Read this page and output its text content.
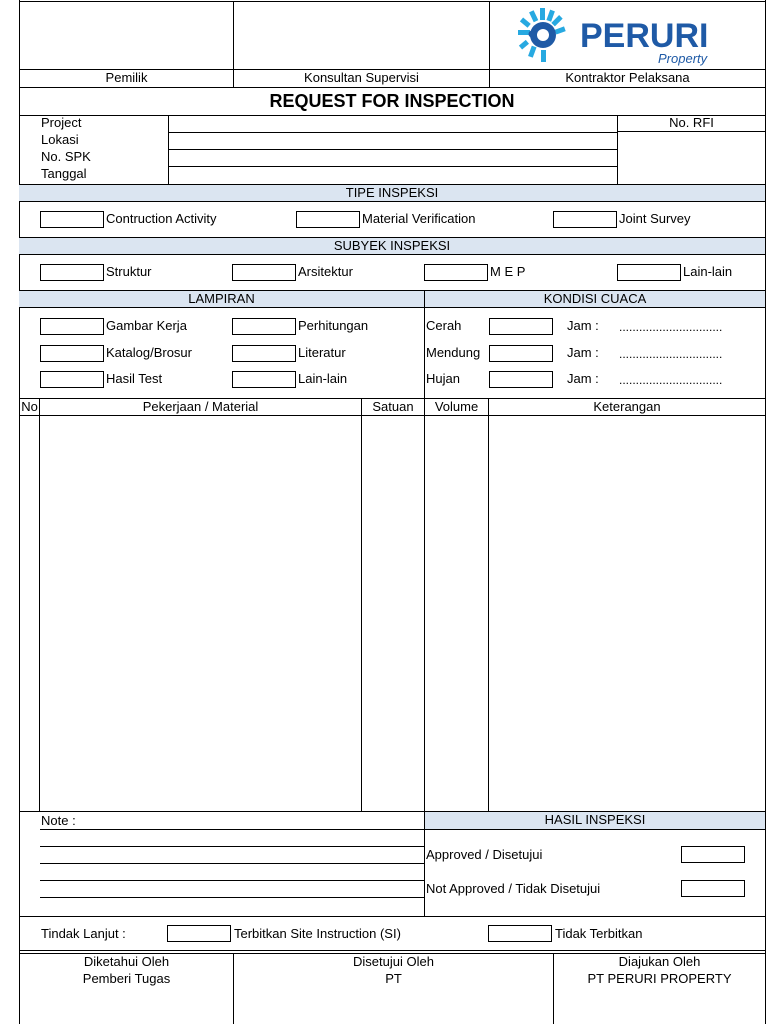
Pemilik	Konsultan Supervisi	Kontraktor Pelaksana
PERURI
Property
REQUEST FOR INSPECTION
Project
Lokasi
No. SPK
Tanggal
No. RFI
TIPE INSPEKSI
Contruction Activity	Material Verification	Joint Survey
SUBYEK INSPEKSI
Struktur	Arsitektur	M E P	Lain-lain
LAMPIRAN	KONDISI CUACA
Gambar Kerja
Katalog/Brosur
Hasil Test
Perhitungan
Literatur
Lain-lain
Cerah	Jam : ...............................
Mendung	Jam : ...............................
Hujan	Jam : ...............................
No	Pekerjaan / Material	Satuan	Volume	Keterangan
Note :	HASIL INSPEKSI
Approved / Disetujui
Not Approved / Tidak Disetujui
Tindak Lanjut :	Terbitkan Site Instruction (SI)	Tidak Terbitkan
Diketahui Oleh
Pemberi Tugas
Disetujui Oleh
PT
Diajukan Oleh
PT PERURI PROPERTY
